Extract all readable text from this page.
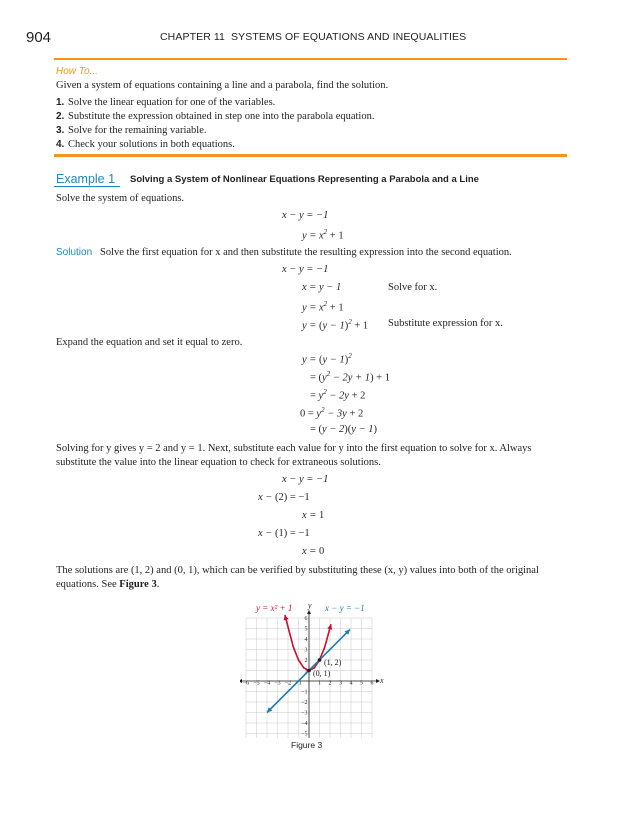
904	CHAPTER 11 SYSTEMS OF EQUATIONS AND INEQUALITIES
How To...
Given a system of equations containing a line and a parabola, find the solution.
1. Solve the linear equation for one of the variables.
2. Substitute the expression obtained in step one into the parabola equation.
3. Solve for the remaining variable.
4. Check your solutions in both equations.
Example 1 Solving a System of Nonlinear Equations Representing a Parabola and a Line
Solve the system of equations.
x − y = −1
$y = x^2 + 1$
Solution Solve the first equation for x and then substitute the resulting expression into the second equation.
x − y = −1
x = y − 1	Solve for x.
$y = x^2 + 1$
$y = (y - 1)^2 + 1$ Substitute expression for x.
Expand the equation and set it equal to zero.
$y = (y - 1)^2$
= $(y^2 - 2y + 1) + 1$
= $y^2 - 2y + 2$
$0 = y^2 - 3y + 2$
= (y − 2)(y − 1)
Solving for y gives y = 2 and y = 1. Next, substitute each value for y into the first equation to solve for x. Always
substitute the value into the linear equation to check for extraneous solutions.
x − y = −1
x − (2) = −1
x = 1
x − (1) = −1
x = 0
The solutions are (1, 2) and (0, 1), which can be verified by substituting these (x, y) values into both of the original
equations. See Figure 3.
−6 −5 −4 −3 −2 −1	1 2 3 4 5 6
−5
−4
−3
−2
−1
1
2
3
4
5
6
y = x² + 1	x − y = −1
y
x
(1, 2)
(0, 1)
Figure 3
